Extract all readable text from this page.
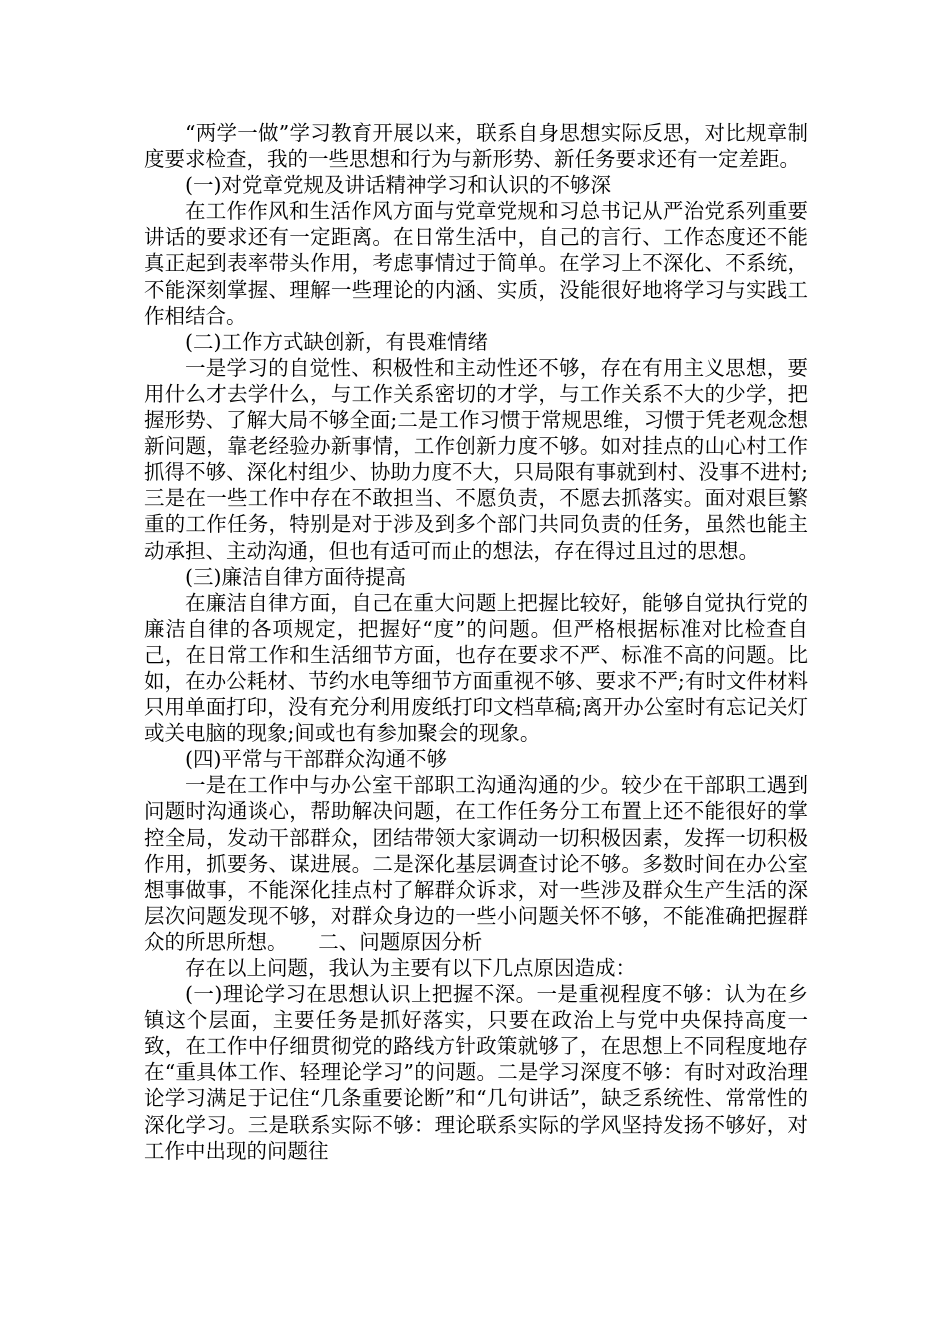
“两学一做”学习教育开展以来，联系自身思想实际反思，对比规章制度要求检查，我的一些思想和行为与新形势、新任务要求还有一定差距。

(一)对党章党规及讲话精神学习和认识的不够深

在工作作风和生活作风方面与党章党规和习总书记从严治党系列重要讲话的要求还有一定距离。在日常生活中，自己的言行、工作态度还不能真正起到表率带头作用，考虑事情过于简单。在学习上不深化、不系统，不能深刻掌握、理解一些理论的内涵、实质，没能很好地将学习与实践工作相结合。

(二)工作方式缺创新，有畏难情绪

一是学习的自觉性、积极性和主动性还不够，存在有用主义思想，要用什么才去学什么，与工作关系密切的才学，与工作关系不大的少学，把握形势、了解大局不够全面;二是工作习惯于常规思维，习惯于凭老观念想新问题，靠老经验办新事情，工作创新力度不够。如对挂点的山心村工作抓得不够、深化村组少、协助力度不大，只局限有事就到村、没事不进村;三是在一些工作中存在不敢担当、不愿负责，不愿去抓落实。面对艰巨繁重的工作任务，特别是对于涉及到多个部门共同负责的任务，虽然也能主动承担、主动沟通，但也有适可而止的想法，存在得过且过的思想。

(三)廉洁自律方面待提高

在廉洁自律方面，自己在重大问题上把握比较好，能够自觉执行党的廉洁自律的各项规定，把握好“度”的问题。但严格根据标准对比检查自己，在日常工作和生活细节方面，也存在要求不严、标准不高的问题。比如，在办公耗材、节约水电等细节方面重视不够、要求不严;有时文件材料只用单面打印，没有充分利用废纸打印文档草稿;离开办公室时有忘记关灯或关电脑的现象;间或也有参加聚会的现象。

(四)平常与干部群众沟通不够

一是在工作中与办公室干部职工沟通沟通的少。较少在干部职工遇到问题时沟通谈心，帮助解决问题，在工作任务分工布置上还不能很好的掌控全局，发动干部群众，团结带领大家调动一切积极因素，发挥一切积极作用，抓要务、谋进展。二是深化基层调查讨论不够。多数时间在办公室想事做事，不能深化挂点村了解群众诉求，对一些涉及群众生产生活的深层次问题发现不够，对群众身边的一些小问题关怀不够，不能准确把握群众的所思所想。　　二、问题原因分析

存在以上问题，我认为主要有以下几点原因造成：

(一)理论学习在思想认识上把握不深。一是重视程度不够：认为在乡镇这个层面，主要任务是抓好落实，只要在政治上与党中央保持高度一致，在工作中仔细贯彻党的路线方针政策就够了，在思想上不同程度地存在“重具体工作、轻理论学习”的问题。二是学习深度不够：有时对政治理论学习满足于记住“几条重要论断”和“几句讲话”，缺乏系统性、常常性的深化学习。三是联系实际不够：理论联系实际的学风坚持发扬不够好，对工作中出现的问题往
